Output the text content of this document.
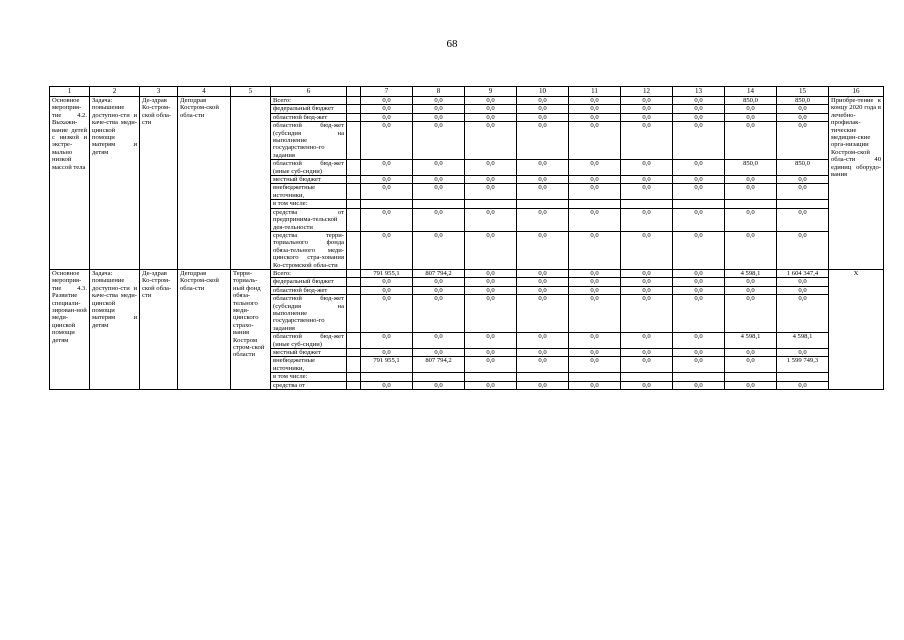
68
1	2	3	4	5	6		7	8	9	10	11	12	13	14	15	16
Основное мероприя-тие 4.2. Выхажи-вание детей с низкой и экстре-мально низкой массой тела	Задача: повышение доступно-сти и каче-ства меди-цинской помощи матерям и детям	Де-здрав Ко-стром-ской обла-сти	Депздрав Костром-ской обла-сти		Всего:		0,0	0,0	0,0	0,0	0,0	0,0	0,0	850,0	850,0	Приобре-тение к концу 2020 года в лечебно-профилак-тические медицин-ские орга-низации Костром-ской обла-сти 40 единиц оборудо-вания
					федеральный бюджет		0,0	0,0	0,0	0,0	0,0	0,0	0,0	0,0	0,0	
					областной бюд-жет		0,0	0,0	0,0	0,0	0,0	0,0	0,0	0,0	0,0	
					областной бюд-жет (субсидия на выполнение государственно-го задания		0,0	0,0	0,0	0,0	0,0	0,0	0,0	0,0	0,0	
					областной бюд-жет (иные суб-сидии)		0,0	0,0	0,0	0,0	0,0	0,0	0,0	850,0	850,0	
					местный бюджет		0,0	0,0	0,0	0,0	0,0	0,0	0,0	0,0	0,0	
					внебюджетные источники,		0,0	0,0	0,0	0,0	0,0	0,0	0,0	0,0	0,0	
					в том числе:											
					средства от предпринима-тельской дея-тельности		0,0	0,0	0,0	0,0	0,0	0,0	0,0	0,0	0,0	
					средства терри-ториального фонда обяза-тельного меди-цинского стра-хования Ко-стромской обла-сти		0,0	0,0	0,0	0,0	0,0	0,0	0,0	0,0	0,0	
Основное мероприя-тие 4.3. Развитие специали-зирован-ной меди-цинской помощи детям	Задача: повышение доступно-сти и каче-ства меди-цинской помощи матерям и детям	Де-здрав Ко-стром-ской обла-сти	Депздрав Костром-ской обла-сти	Терри-ториаль-ный фонд обяза-тельного меди-цинского страхо-вания Костром стром-ской области	Всего:		791 955,1	807 794,2	0,0	0,0	0,0	0,0	0,0	4 598,1	1 604 347,4	X
					федеральный бюджет		0,0	0,0	0,0	0,0	0,0	0,0	0,0	0,0	0,0	
					областной бюд-жет		0,0	0,0	0,0	0,0	0,0	0,0	0,0	0,0	0,0	
					областной бюд-жет (субсидия на выполнение государственно-го задания		0,0	0,0	0,0	0,0	0,0	0,0	0,0	0,0	0,0	
					областной бюд-жет (иные суб-сидии)		0,0	0,0	0,0	0,0	0,0	0,0	0,0	4 598,1	4 598,1	
					местный бюджет		0,0	0,0	0,0	0,0	0,0	0,0	0,0	0,0	0,0	
					внебюджетные источники,		791 955,1	807 794,2	0,0	0,0	0,0	0,0	0,0	0,0	1 599 749,3	
					в том числе:											
					средства от		0,0	0,0	0,0	0,0	0,0	0,0	0,0	0,0	0,0	
